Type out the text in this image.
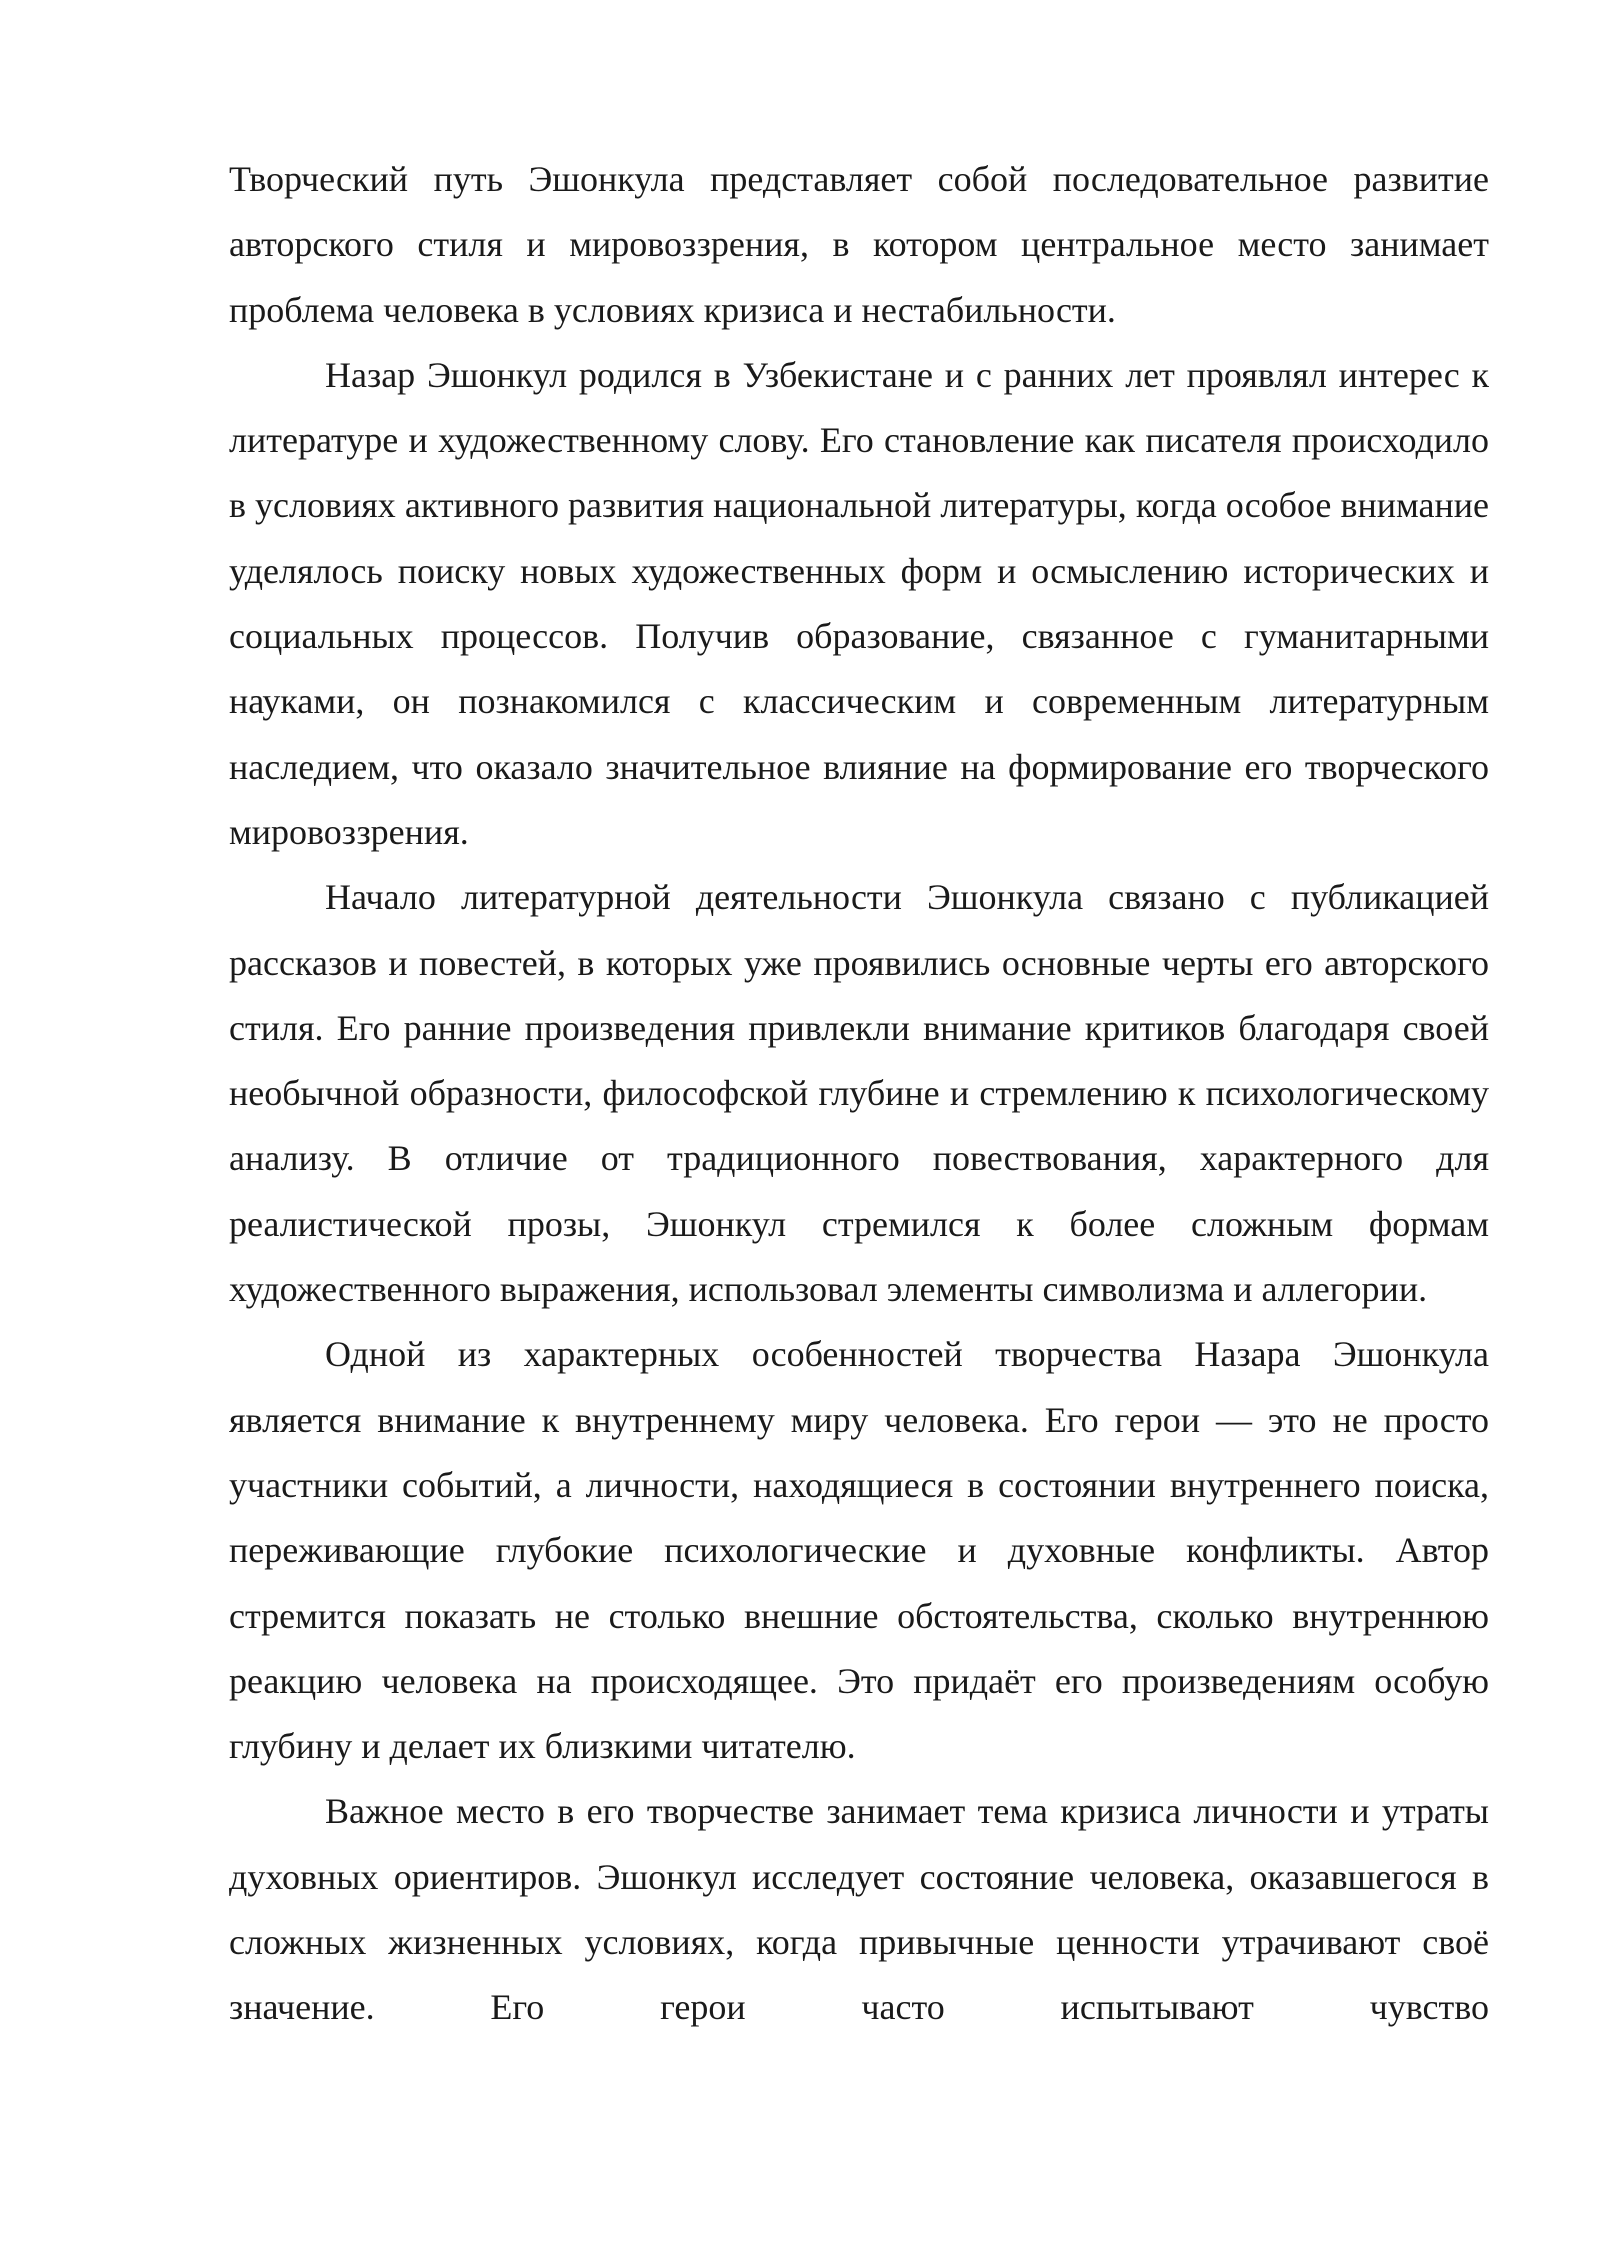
Творческий путь Эшонкула представляет собой последовательное развитие авторского стиля и мировоззрения, в котором центральное место занимает проблема человека в условиях кризиса и нестабильности.

Назар Эшонкул родился в Узбекистане и с ранних лет проявлял интерес к литературе и художественному слову. Его становление как писателя происходило в условиях активного развития национальной литературы, когда особое внимание уделялось поиску новых художественных форм и осмыслению исторических и социальных процессов. Получив образование, связанное с гуманитарными науками, он познакомился с классическим и современным литературным наследием, что оказало значительное влияние на формирование его творческого мировоззрения.

Начало литературной деятельности Эшонкула связано с публикацией рассказов и повестей, в которых уже проявились основные черты его авторского стиля. Его ранние произведения привлекли внимание критиков благодаря своей необычной образности, философской глубине и стремлению к психологическому анализу. В отличие от традиционного повествования, характерного для реалистической прозы, Эшонкул стремился к более сложным формам художественного выражения, использовал элементы символизма и аллегории.

Одной из характерных особенностей творчества Назара Эшонкула является внимание к внутреннему миру человека. Его герои — это не просто участники событий, а личности, находящиеся в состоянии внутреннего поиска, переживающие глубокие психологические и духовные конфликты. Автор стремится показать не столько внешние обстоятельства, сколько внутреннюю реакцию человека на происходящее. Это придаёт его произведениям особую глубину и делает их близкими читателю.

Важное место в его творчестве занимает тема кризиса личности и утраты духовных ориентиров. Эшонкул исследует состояние человека, оказавшегося в сложных жизненных условиях, когда привычные ценности утрачивают своё значение. Его герои часто испытывают чувство
